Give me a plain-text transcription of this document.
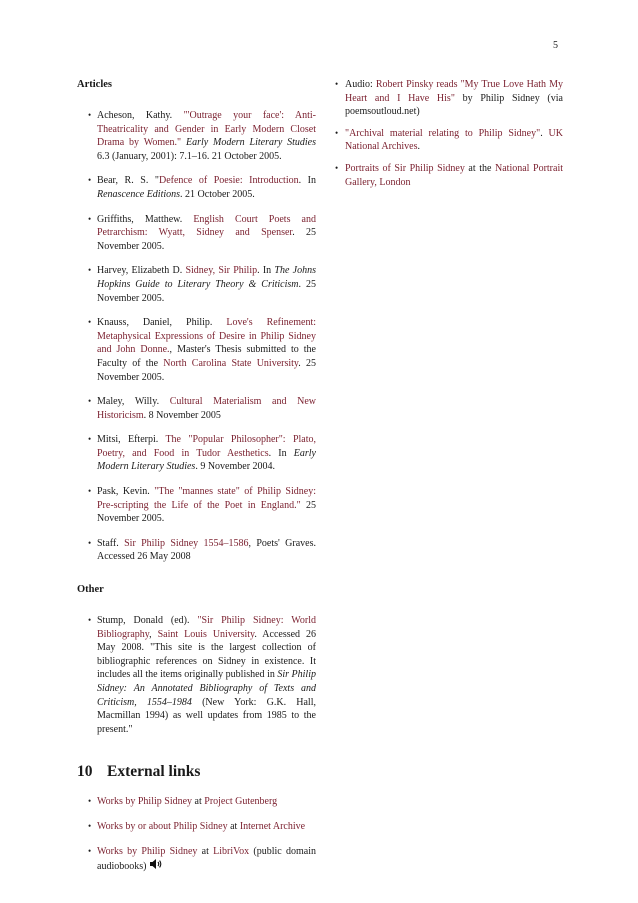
5

Articles

• Acheson, Kathy. "'Outrage your face': Anti-Theatricality and Gender in Early Modern Closet Drama by Women." Early Modern Literary Studies 6.3 (January, 2001): 7.1–16. 21 October 2005.
• Bear, R. S. "Defence of Poesie: Introduction. In Renascence Editions. 21 October 2005.
• Griffiths, Matthew. English Court Poets and Petrarchism: Wyatt, Sidney and Spenser. 25 November 2005.
• Harvey, Elizabeth D. Sidney, Sir Philip. In The Johns Hopkins Guide to Literary Theory & Criticism. 25 November 2005.
• Knauss, Daniel, Philip. Love's Refinement: Metaphysical Expressions of Desire in Philip Sidney and John Donne., Master's Thesis submitted to the Faculty of the North Carolina State University. 25 November 2005.
• Maley, Willy. Cultural Materialism and New Historicism. 8 November 2005
• Mitsi, Efterpi. The "Popular Philosopher": Plato, Poetry, and Food in Tudor Aesthetics. In Early Modern Literary Studies. 9 November 2004.
• Pask, Kevin. "The "mannes state" of Philip Sidney: Pre-scripting the Life of the Poet in England." 25 November 2005.
• Staff. Sir Philip Sidney 1554–1586, Poets' Graves. Accessed 26 May 2008

Other

• Stump, Donald (ed). "Sir Philip Sidney: World Bibliography, Saint Louis University. Accessed 26 May 2008. "This site is the largest collection of bibliographic references on Sidney in existence. It includes all the items originally published in Sir Philip Sidney: An Annotated Bibliography of Texts and Criticism, 1554–1984 (New York: G.K. Hall, Macmillan 1994) as well updates from 1985 to the present."
10 External links
• Works by Philip Sidney at Project Gutenberg
• Works by or about Philip Sidney at Internet Archive
• Works by Philip Sidney at LibriVox (public domain audiobooks)
• Audio: Robert Pinsky reads "My True Love Hath My Heart and I Have His" by Philip Sidney (via poemsoutloud.net)
• "Archival material relating to Philip Sidney". UK National Archives.
• Portraits of Sir Philip Sidney at the National Portrait Gallery, London
